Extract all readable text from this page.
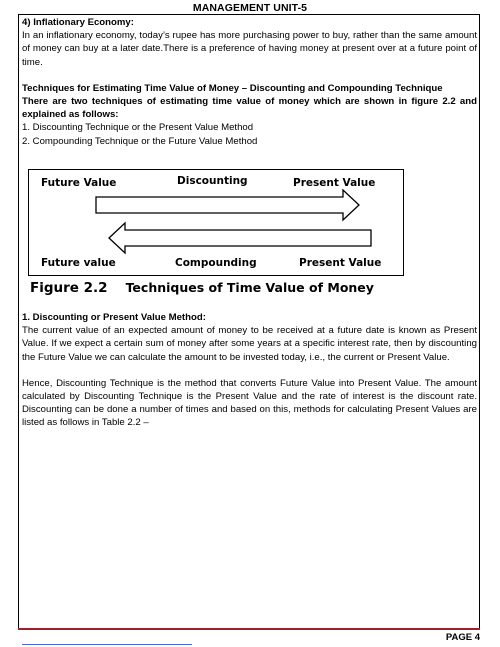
MANAGEMENT UNIT-5

4) Inflationary Economy:

In an inflationary economy, today’s rupee has more purchasing power to buy, rather than the same amount of money can buy at a later date.There is a preference of having money at present over at a future point of time.

Techniques for Estimating Time Value of Money – Discounting and Compounding Technique

There are two techniques of estimating time value of money which are shown in figure 2.2 and explained as follows:

1. Discounting Technique or the Present Value Method

2. Compounding Technique or the Future Value Method

Future Value	Discounting	Present Value
Future value	Compounding	Present Value
Figure 2.2 Techniques of Time Value of Money

1. Discounting or Present Value Method:

The current value of an expected amount of money to be received at a future date is known as Present Value. If we expect a certain sum of money after some years at a specific interest rate, then by discounting the Future Value we can calculate the amount to be invested today, i.e., the current or Present Value.

Hence, Discounting Technique is the method that converts Future Value into Present Value. The amount calculated by Discounting Technique is the Present Value and the rate of interest is the discount rate. Discounting can be done a number of times and based on this, methods for calculating Present Values are listed as follows in Table 2.2 –

PAGE 4
